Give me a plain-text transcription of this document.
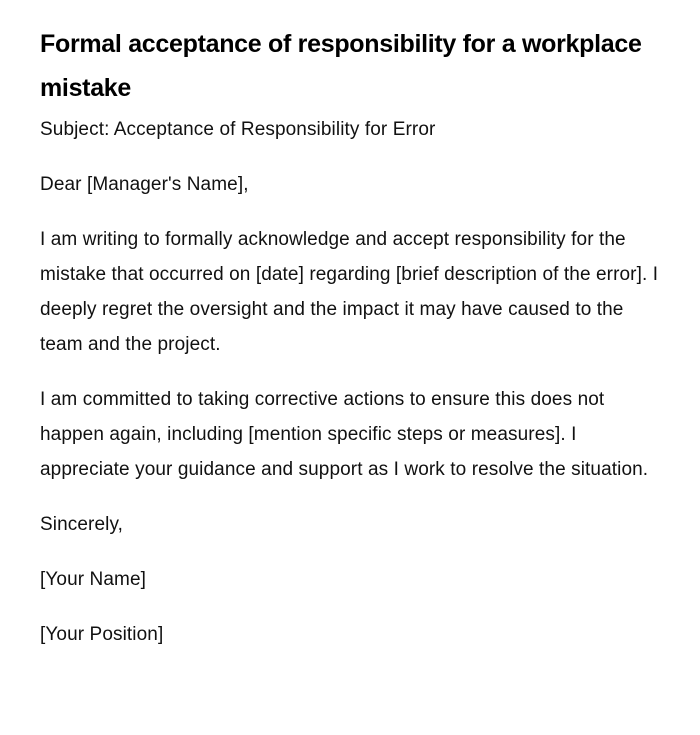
Formal acceptance of responsibility for a workplace mistake

Subject: Acceptance of Responsibility for Error

Dear [Manager's Name],

I am writing to formally acknowledge and accept responsibility for the mistake that occurred on [date] regarding [brief description of the error]. I deeply regret the oversight and the impact it may have caused to the team and the project.

I am committed to taking corrective actions to ensure this does not happen again, including [mention specific steps or measures]. I appreciate your guidance and support as I work to resolve the situation.

Sincerely,

[Your Name]

[Your Position]
